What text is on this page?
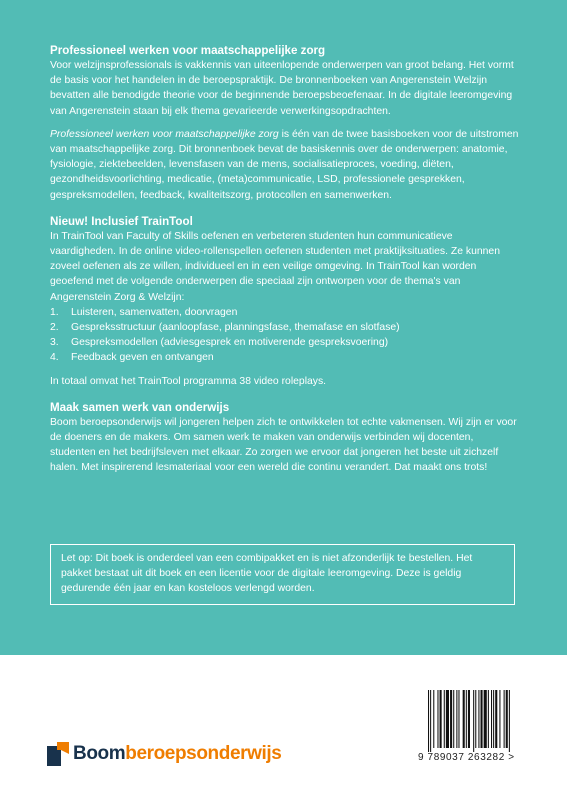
Professioneel werken voor maatschappelijke zorg

Voor welzijnsprofessionals is vakkennis van uiteenlopende onderwerpen van groot belang. Het vormt de basis voor het handelen in de beroepspraktijk. De bronnenboeken van Angerenstein Welzijn bevatten alle benodigde theorie voor de beginnende beroepsbeoefenaar. In de digitale leeromgeving van Angerenstein staan bij elk thema gevarieerde verwerkingsopdrachten.

Professioneel werken voor maatschappelijke zorg is één van de twee basisboeken voor de uitstromen van maatschappelijke zorg. Dit bronnenboek bevat de basiskennis over de onderwerpen: anatomie, fysiologie, ziektebeelden, levensfasen van de mens, socialisatieproces, voeding, diëten, gezondheidsvoorlichting, medicatie, (meta)communicatie, LSD, professionele gesprekken, gespreksmodellen, feedback, kwaliteitszorg, protocollen en samenwerken.

Nieuw! Inclusief TrainTool

In TrainTool van Faculty of Skills oefenen en verbeteren studenten hun communicatieve vaardigheden. In de online video-rollenspellen oefenen studenten met praktijksituaties. Ze kunnen zoveel oefenen als ze willen, individueel en in een veilige omgeving. In TrainTool kan worden geoefend met de volgende onderwerpen die speciaal zijn ontworpen voor de thema's van Angerenstein Zorg & Welzijn:

1. Luisteren, samenvatten, doorvragen
2. Gespreksstructuur (aanloopfase, planningsfase, themafase en slotfase)
3. Gespreksmodellen (adviesgesprek en motiverende gespreksvoering)
4. Feedback geven en ontvangen

In totaal omvat het TrainTool programma 38 video roleplays.

Maak samen werk van onderwijs

Boom beroepsonderwijs wil jongeren helpen zich te ontwikkelen tot echte vakmensen. Wij zijn er voor de doeners en de makers. Om samen werk te maken van onderwijs verbinden wij docenten, studenten en het bedrijfsleven met elkaar. Zo zorgen we ervoor dat jongeren het beste uit zichzelf halen. Met inspirerend lesmateriaal voor een wereld die continu verandert. Dat maakt ons trots!

Let op: Dit boek is onderdeel van een combipakket en is niet afzonderlijk te bestellen. Het pakket bestaat uit dit boek en een licentie voor de digitale leeromgeving. Deze is geldig gedurende één jaar en kan kosteloos verlengd worden.

Boom beroepsonderwijs	9 789037 263282 >
